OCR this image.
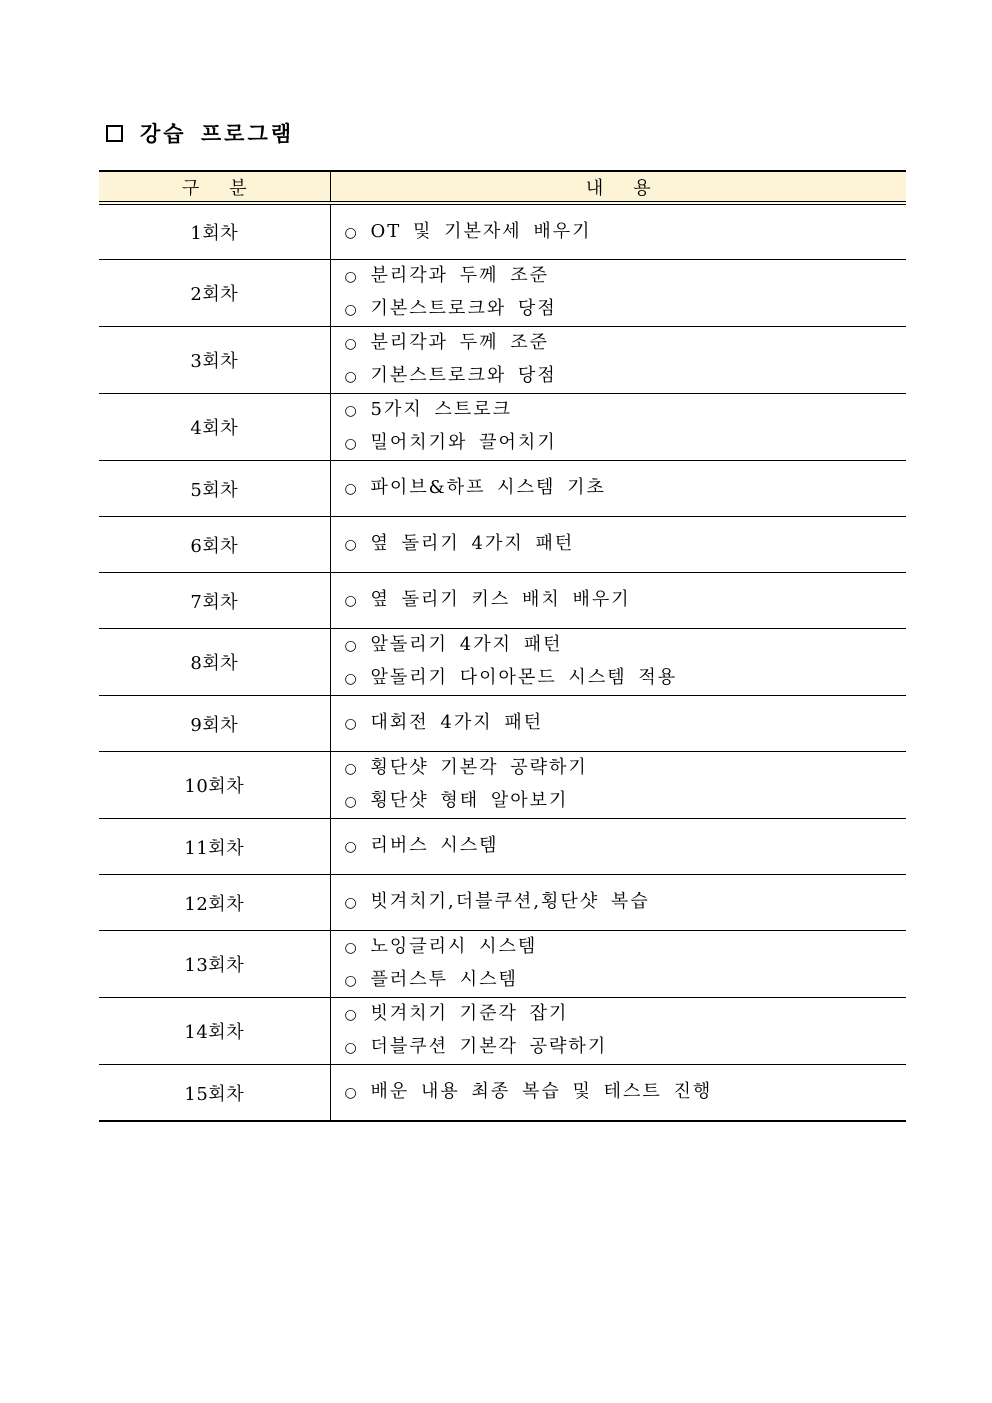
강습 프로그램
구분	내용
1회차	○ OT 및 기본자세 배우기

2회차	○ 분리각과 두께 조준
○ 기본스트로크와 당점

3회차	○ 분리각과 두께 조준
○ 기본스트로크와 당점

4회차	○ 5가지 스트로크
○ 밀어치기와 끌어치기

5회차	○ 파이브&하프 시스템 기초

6회차	○ 옆 돌리기 4가지 패턴

7회차	○ 옆 돌리기 키스 배치 배우기

8회차	○ 앞돌리기 4가지 패턴
○ 앞돌리기 다이아몬드 시스템 적용

9회차	○ 대회전 4가지 패턴

10회차	○ 횡단샷 기본각 공략하기
○ 횡단샷 형태 알아보기

11회차	○ 리버스 시스템

12회차	○ 빗겨치기,더블쿠션,횡단샷 복습

13회차	○ 노잉글리시 시스템
○ 플러스투 시스템

14회차	○ 빗겨치기 기준각 잡기
○ 더블쿠션 기본각 공략하기

15회차	○ 배운 내용 최종 복습 및 테스트 진행
